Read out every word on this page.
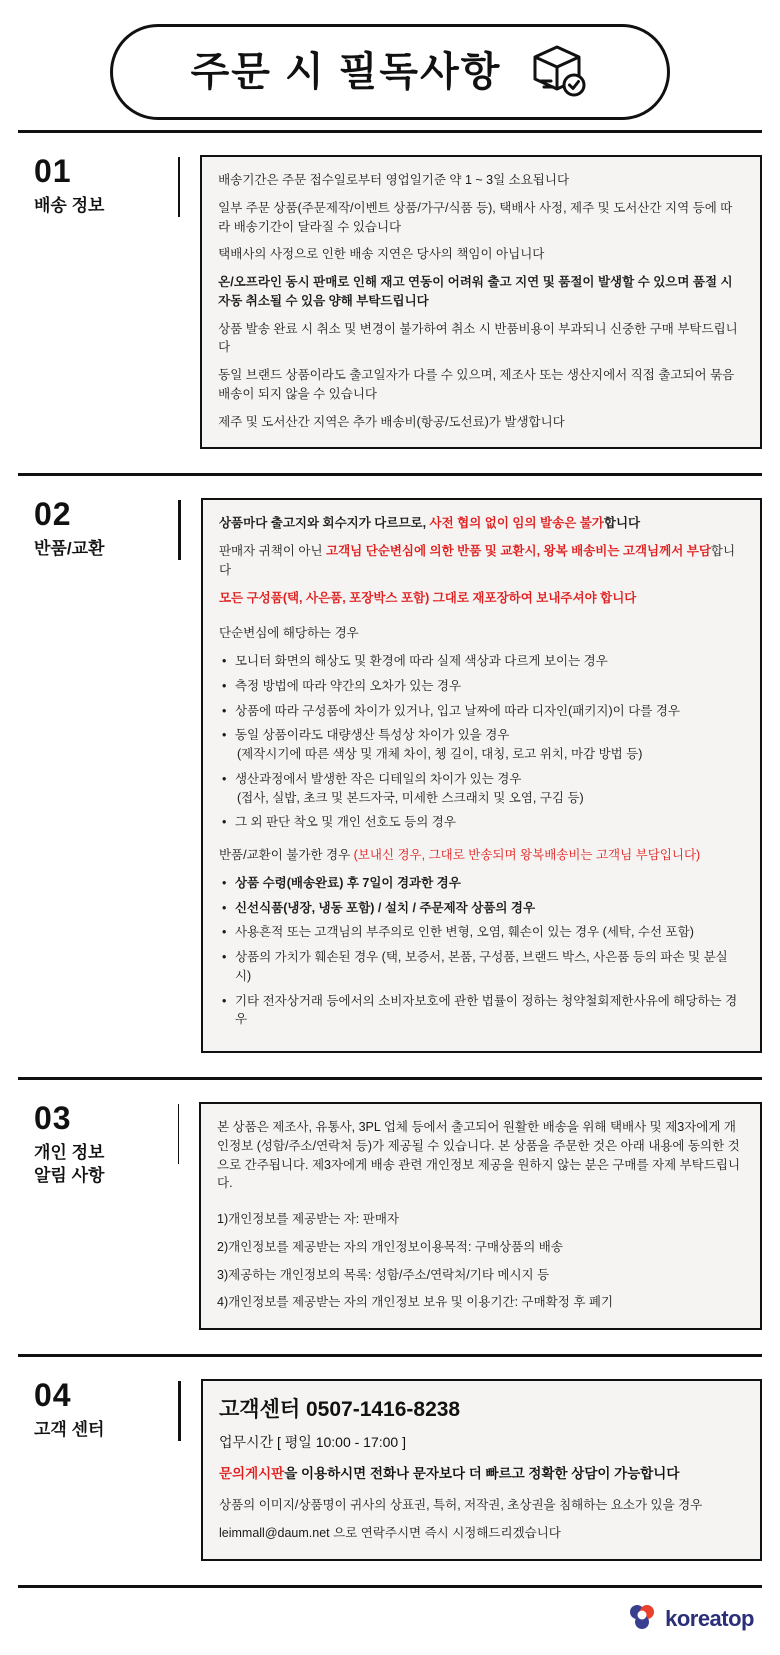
주문 시 필독사항
01
배송 정보

배송기간은 주문 접수일로부터 영업일기준 약 1 ~ 3일 소요됩니다

일부 주문 상품(주문제작/이벤트 상품/가구/식품 등), 택배사 사정, 제주 및 도서산간 지역 등에 따라 배송기간이 달라질 수 있습니다

택배사의 사정으로 인한 배송 지연은 당사의 책임이 아닙니다

온/오프라인 동시 판매로 인해 재고 연동이 어려워 출고 지연 및 품절이 발생할 수 있으며 품절 시 자동 취소될 수 있음 양해 부탁드립니다

상품 발송 완료 시 취소 및 변경이 불가하여 취소 시 반품비용이 부과되니 신중한 구매 부탁드립니다

동일 브랜드 상품이라도 출고일자가 다를 수 있으며, 제조사 또는 생산지에서 직접 출고되어 묶음배송이 되지 않을 수 있습니다

제주 및 도서산간 지역은 추가 배송비(항공/도선료)가 발생합니다

02
반품/교환

상품마다 출고지와 회수지가 다르므로, 사전 협의 없이 임의 발송은 불가합니다

판매자 귀책이 아닌 고객님 단순변심에 의한 반품 및 교환시, 왕복 배송비는 고객님께서 부담합니다

모든 구성품(택, 사은품, 포장박스 포함) 그대로 재포장하여 보내주셔야 합니다

단순변심에 해당하는 경우

• 모니터 화면의 해상도 및 환경에 따라 실제 색상과 다르게 보이는 경우
• 측정 방법에 따라 약간의 오차가 있는 경우
• 상품에 따라 구성품에 차이가 있거나, 입고 날짜에 따라 디자인(패키지)이 다를 경우
• 동일 상품이라도 대량생산 특성상 차이가 있을 경우
(제작시기에 따른 색상 및 개체 차이, 쳉 길이, 대칭, 로고 위치, 마감 방법 등)
• 생산과정에서 발생한 작은 디테일의 차이가 있는 경우
(접사, 실밥, 초크 및 본드자국, 미세한 스크래치 및 오염, 구김 등)
• 그 외 판단 착오 및 개인 선호도 등의 경우

반품/교환이 불가한 경우 (보내신 경우, 그대로 반송되며 왕복배송비는 고객님 부담입니다)

• 상품 수령(배송완료) 후 7일이 경과한 경우
• 신선식품(냉장, 냉동 포함) / 설치 / 주문제작 상품의 경우
• 사용흔적 또는 고객님의 부주의로 인한 변형, 오염, 훼손이 있는 경우 (세탁, 수선 포함)
• 상품의 가치가 훼손된 경우 (택, 보증서, 본품, 구성품, 브랜드 박스, 사은품 등의 파손 및 분실 시)
• 기타 전자상거래 등에서의 소비자보호에 관한 법률이 정하는 청약철회제한사유에 해당하는 경우
03
개인 정보
알림 사항

본 상품은 제조사, 유통사, 3PL 업체 등에서 출고되어 원활한 배송을 위해 택배사 및 제3자에게 개인정보 (성함/주소/연락처 등)가 제공될 수 있습니다. 본 상품을 주문한 것은 아래 내용에 동의한 것으로 간주됩니다. 제3자에게 배송 관련 개인정보 제공을 원하지 않는 분은 구매를 자제 부탁드립니다.

1)개인정보를 제공받는 자: 판매자

2)개인정보를 제공받는 자의 개인정보이용목적: 구매상품의 배송

3)제공하는 개인정보의 목록: 성함/주소/연락처/기타 메시지 등

4)개인정보를 제공받는 자의 개인정보 보유 및 이용기간: 구매확정 후 폐기

04
고객 센터
고객센터 0507-1416-8238
업무시간 [ 평일 10:00 - 17:00 ]
문의게시판을 이용하시면 전화나 문자보다 더 빠르고 정확한 상담이 가능합니다

상품의 이미지/상품명이 귀사의 상표권, 특허, 저작권, 초상권을 침해하는 요소가 있을 경우

leimmall@daum.net 으로 연락주시면 즉시 시정해드리겠습니다

koreatop
